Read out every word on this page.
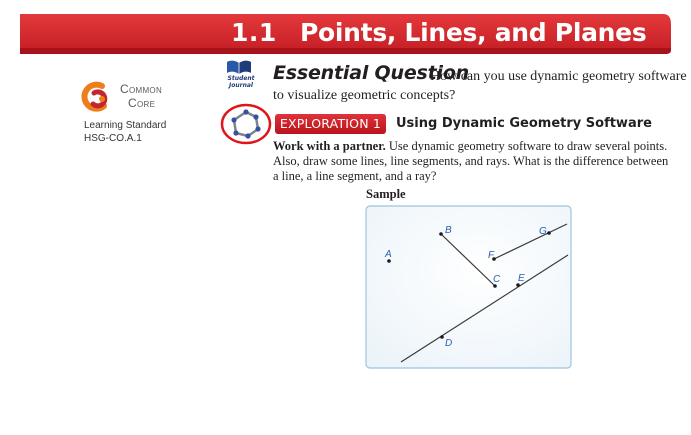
1.1 Points, Lines, and Planes
Common
Core
Learning Standard
HSG-CO.A.1
Student
Journal
Essential Question
How can you use dynamic geometry software
to visualize geometric concepts?
EXPLORATION 1	Using Dynamic Geometry Software
Work with a partner. Use dynamic geometry software to draw several points. Also, draw some lines, line segments, and rays. What is the difference between a line, a line segment, and a ray?
Sample
A
B
C
D
E
F
G
